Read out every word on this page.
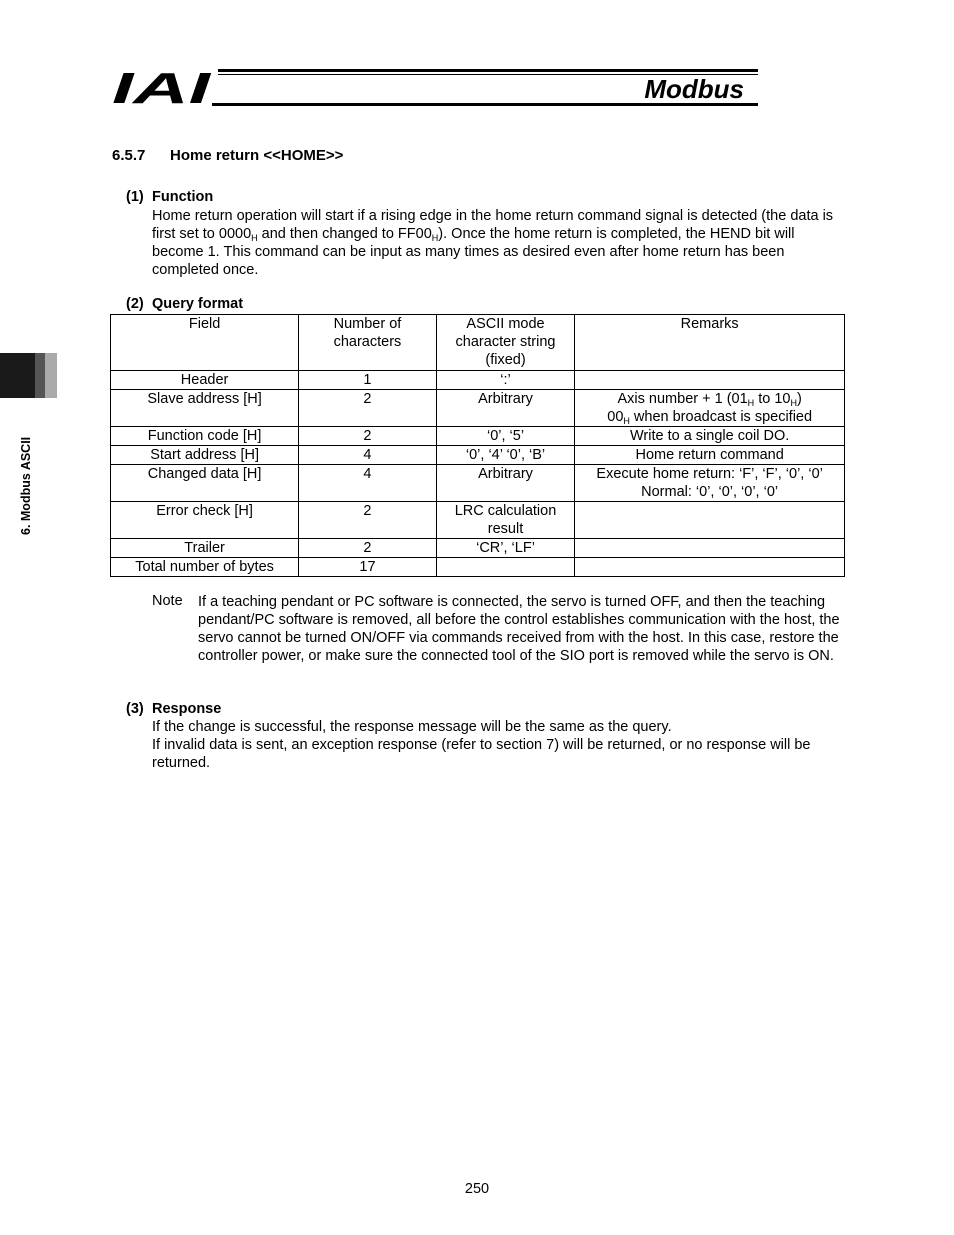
IAI	Modbus
6. Modbus ASCII
6.5.7 Home return <<HOME>>
(1) Function
Home return operation will start if a rising edge in the home return command signal is detected (the data is first set to $0000_H$ and then changed to $FF00_H$). Once the home return is completed, the HEND bit will become 1. This command can be input as many times as desired even after home return has been completed once.
(2) Query format
Field	Number of characters	ASCII mode character string (fixed)	Remarks
Header	1	‘:’	
Slave address [H]	2	Arbitrary	Axis number + 1 ($01_H$ to $10_H$)
$00_H$ when broadcast is specified
Function code [H]	2	‘0’, ‘5’	Write to a single coil DO.
Start address [H]	4	‘0’, ‘4’ ‘0’, ‘B’	Home return command
Changed data [H]	4	Arbitrary	Execute home return: ‘F’, ‘F’, ‘0’, ‘0’
Normal: ‘0’, ‘0’, ‘0’, ‘0’
Error check [H]	2	LRC calculation result	
Trailer	2	‘CR’, ‘LF’	
Total number of bytes	17		
Note If a teaching pendant or PC software is connected, the servo is turned OFF, and then the teaching pendant/PC software is removed, all before the control establishes communication with the host, the servo cannot be turned ON/OFF via commands received from with the host. In this case, restore the controller power, or make sure the connected tool of the SIO port is removed while the servo is ON.
(3) Response
If the change is successful, the response message will be the same as the query.
If invalid data is sent, an exception response (refer to section 7) will be returned, or no response will be returned.
250
